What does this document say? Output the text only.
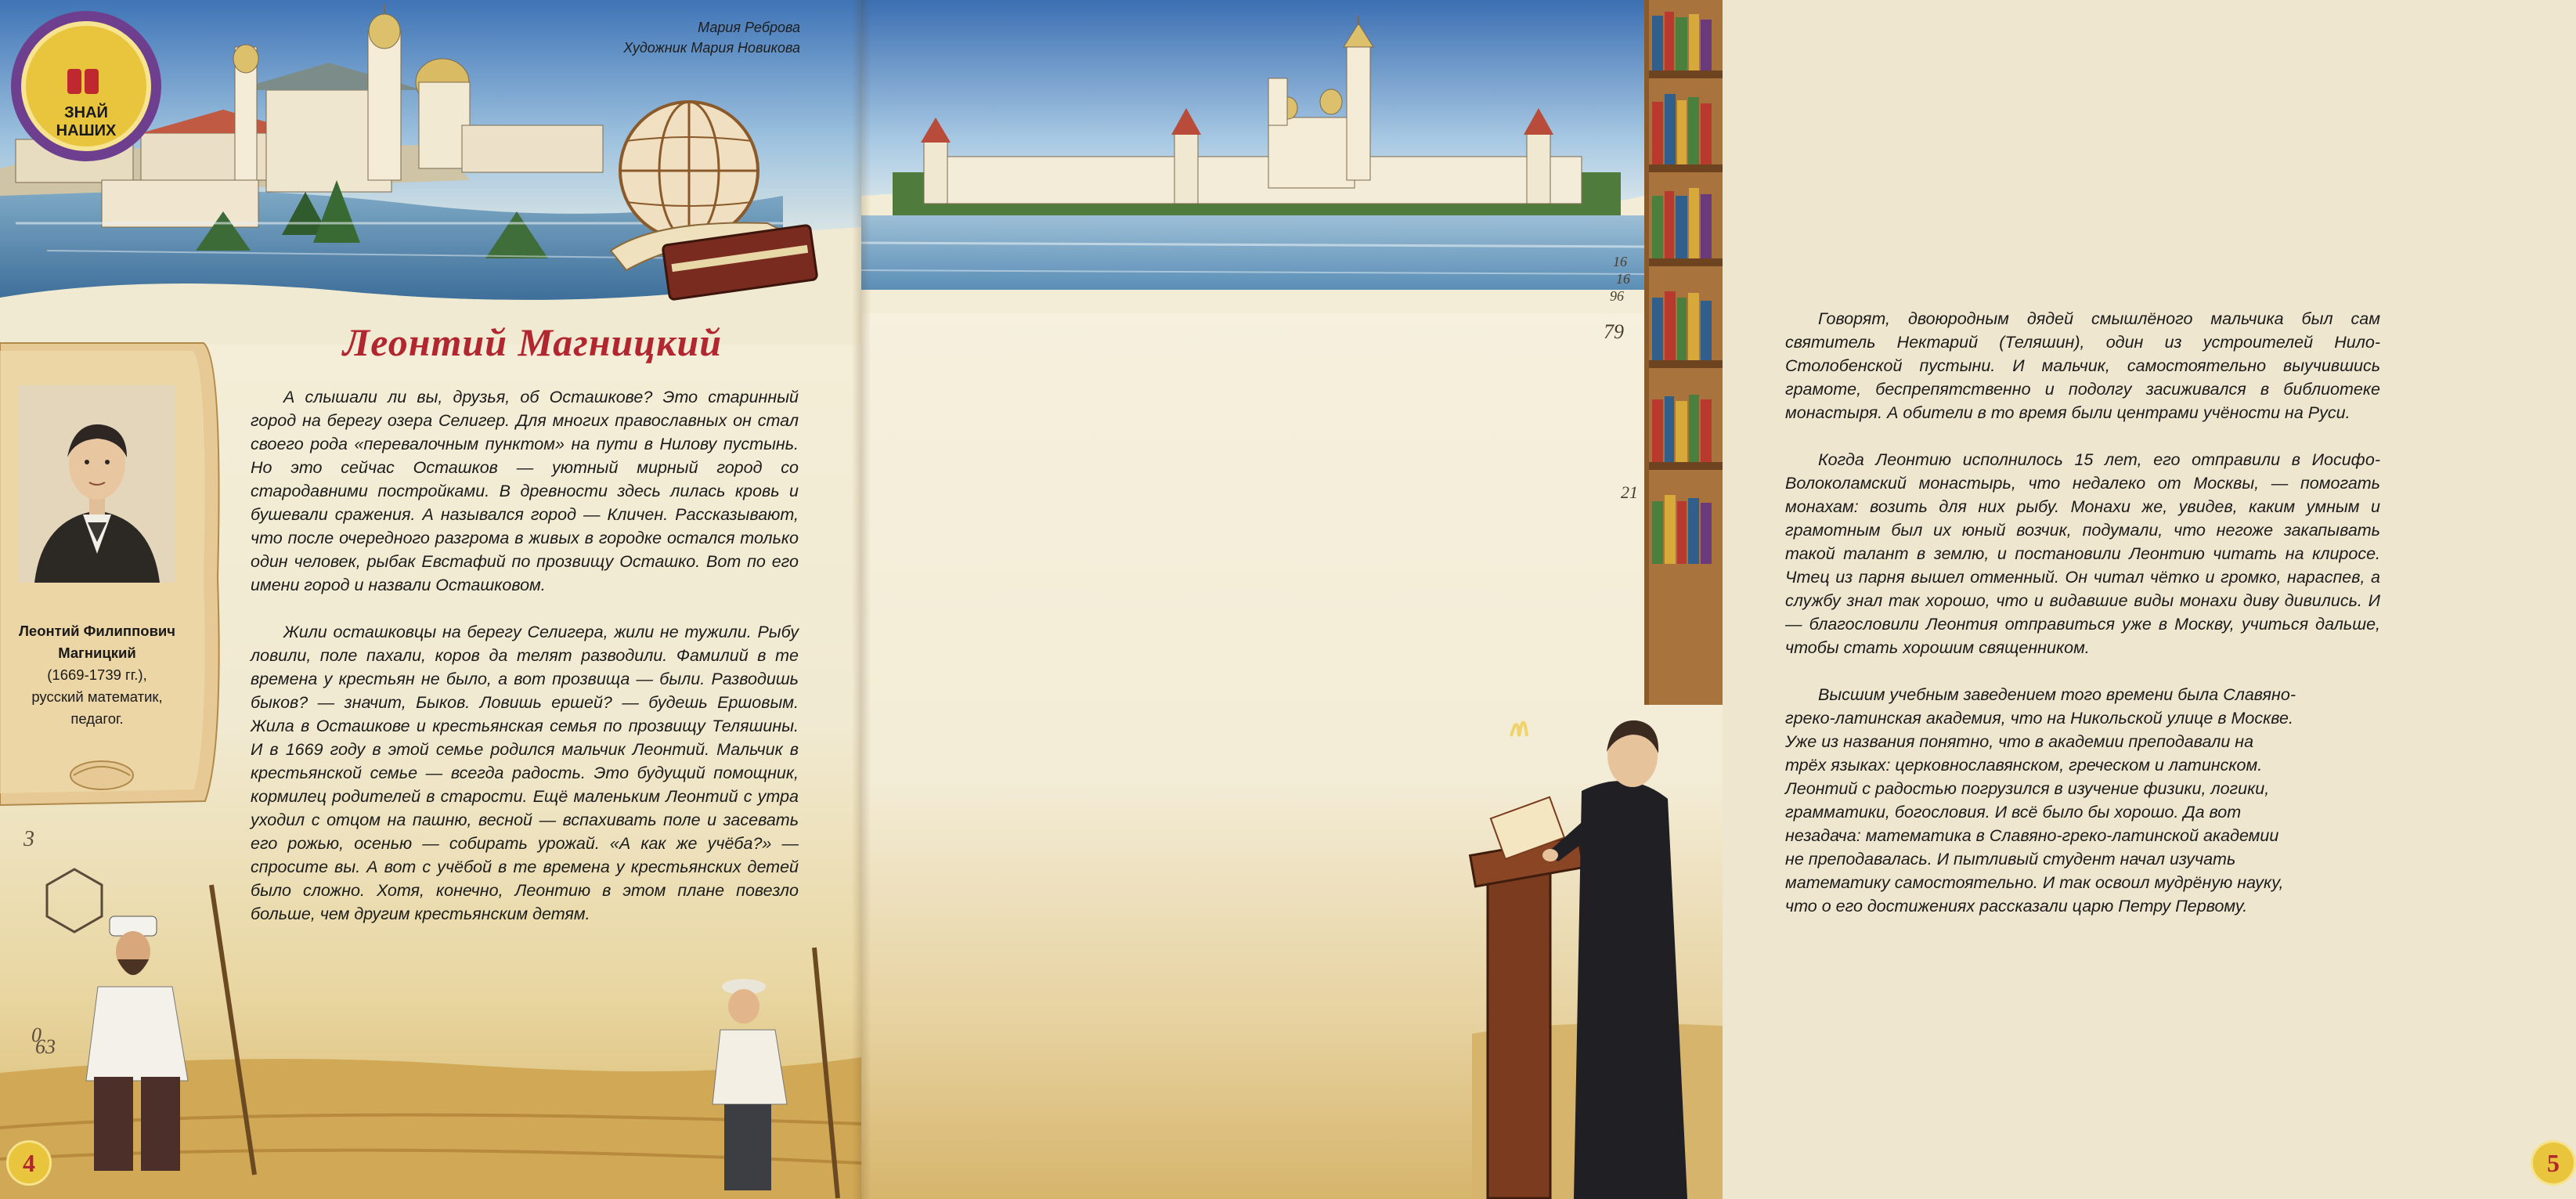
ЗНАЙ
НАШИХ
Мария Реброва
Художник Мария Новикова
Леонтий Магницкий
Леонтий Филиппович
Магницкий
(1669-1739 гг.),
русский математик,
педагог.

А слышали ли вы, друзья, об Осташкове? Это старинный город на берегу озера Селигер. Для многих православных он стал своего рода «перевалочным пунктом» на пути в Нилову пустынь. Но это сейчас Осташков — уютный мирный город со стародавними постройками. В древности здесь лилась кровь и бушевали сражения. А назывался город — Кличен. Рассказывают, что после очередного разгрома в живых в городке остался только один человек, рыбак Евстафий по прозвищу Осташко. Вот по его имени город и назвали Осташковом.

Жили осташковцы на берегу Селигера, жили не тужили. Рыбу ловили, поле пахали, коров да телят разводили. Фамилий в те времена у крестьян не было, а вот прозвища — были. Разводишь быков? — значит, Быков. Ловишь ершей? — будешь Ершовым. Жила в Осташкове и крестьянская семья по прозвищу Теляшины. И в 1669 году в этой семье родился мальчик Леонтий. Мальчик в крестьянской семье — всегда радость. Это будущий помощник, кормилец родителей в старости. Ещё маленьким Леонтий с утра уходил с отцом на пашню, весной — вспахивать поле и засевать его рожью, осенью — собирать урожай. «А как же учёба?» — спросите вы. А вот с учёбой в те времена у крестьянских детей было сложно. Хотя, конечно, Леонтию в этом плане повезло больше, чем другим крестьянским детям.

3
0
63
4
16
16
96
79
21

Говорят, двоюродным дядей смышлёного мальчика был сам святитель Нектарий (Теляшин), один из устроителей Нило-Столобенской пустыни. И мальчик, самостоятельно выучившись грамоте, беспрепятственно и подолгу засиживался в библиотеке монастыря. А обители в то время были центрами учёности на Руси.

Когда Леонтию исполнилось 15 лет, его отправили в Иосифо-Волоколамский монастырь, что недалеко от Москвы, — помогать монахам: возить для них рыбу. Монахи же, увидев, каким умным и грамотным был их юный возчик, подумали, что негоже закапывать такой талант в землю, и постановили Леонтию читать на клиросе. Чтец из парня вышел отменный. Он читал чётко и громко, нараспев, а службу знал так хорошо, что и видавшие виды монахи диву дивились. И — благословили Леонтия отправиться уже в Москву, учиться дальше, чтобы стать хорошим священником.

Высшим учебным заведением того времени была Славяно-греко-латинская академия, что на Никольской улице в Москве. Уже из названия понятно, что в академии преподавали на трёх языках: церковнославянском, греческом и латинском. Леонтий с радостью погрузился в изучение физики, логики, грамматики, богословия. И всё было бы хорошо. Да вот незадача: математика в Славяно-греко-латинской академии не преподавалась. И пытливый студент начал изучать математику самостоятельно. И так освоил мудрёную науку, что о его достижениях рассказали царю Петру Первому.

5
